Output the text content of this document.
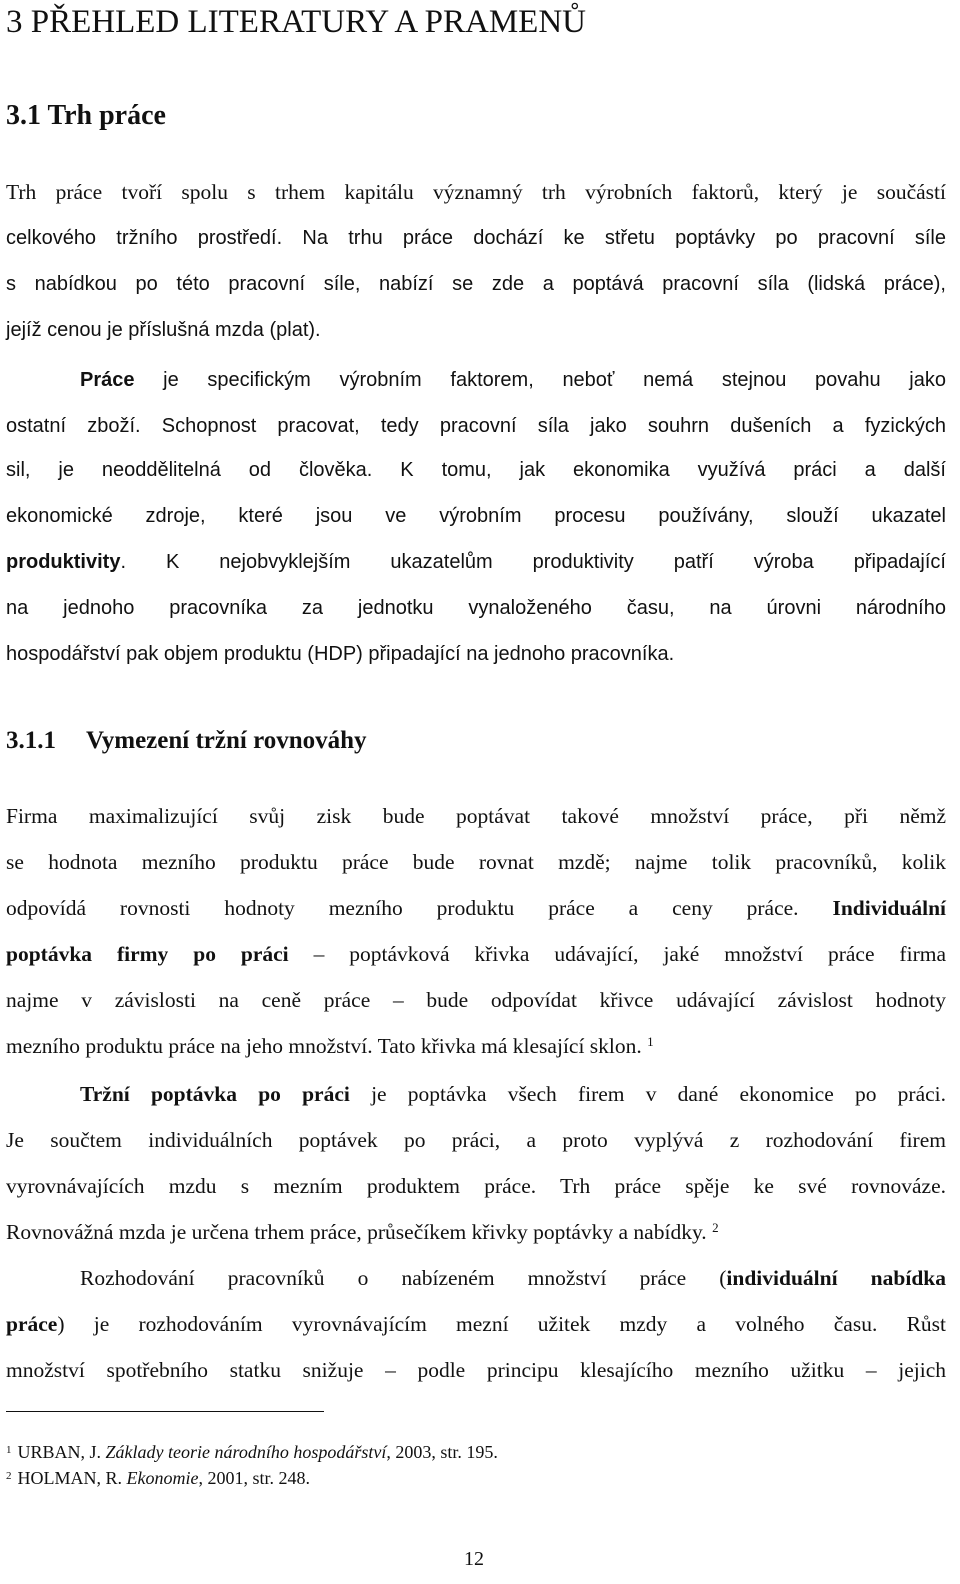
3 PŘEHLED LITERATURY A PRAMENŮ
3.1 Trh práce
Trh práce tvoří spolu s trhem kapitálu významný trh výrobních faktorů, který je součástí
celkového tržního prostředí. Na trhu práce dochází ke střetu poptávky po pracovní síle
s nabídkou po této pracovní síle, nabízí se zde a poptává pracovní síla (lidská práce),
jejíž cenou je příslušná mzda (plat).
Práce je specifickým výrobním faktorem, neboť nemá stejnou povahu jako
ostatní zboží. Schopnost pracovat, tedy pracovní síla jako souhrn dušeních a fyzických
sil, je neoddělitelná od člověka. K tomu, jak ekonomika využívá práci a další
ekonomické zdroje, které jsou ve výrobním procesu používány, slouží ukazatel
produktivity. K nejobvyklejším ukazatelům produktivity patří výroba připadající
na jednoho pracovníka za jednotku vynaloženého času, na úrovni národního
hospodářství pak objem produktu (HDP) připadající na jednoho pracovníka.
3.1.1 Vymezení tržní rovnováhy
Firma maximalizující svůj zisk bude poptávat takové množství práce, při němž
se hodnota mezního produktu práce bude rovnat mzdě; najme tolik pracovníků, kolik
odpovídá rovnosti hodnoty mezního produktu práce a ceny práce. Individuální
poptávka firmy po práci – poptávková křivka udávající, jaké množství práce firma
najme v závislosti na ceně práce – bude odpovídat křivce udávající závislost hodnoty
mezního produktu práce na jeho množství. Tato křivka má klesající sklon. $^1$
Tržní poptávka po práci je poptávka všech firem v dané ekonomice po práci.
Je součtem individuálních poptávek po práci, a proto vyplývá z rozhodování firem
vyrovnávajících mzdu s mezním produktem práce. Trh práce spěje ke své rovnováze.
Rovnovážná mzda je určena trhem práce, průsečíkem křivky poptávky a nabídky. $^2$
Rozhodování pracovníků o nabízeném množství práce (individuální nabídka
práce) je rozhodováním vyrovnávajícím mezní užitek mzdy a volného času. Růst
množství spotřebního statku snižuje – podle principu klesajícího mezního užitku – jejich
$^1$ URBAN, J. Základy teorie národního hospodářství, 2003, str. 195.
$^2$ HOLMAN, R. Ekonomie, 2001, str. 248.
12
